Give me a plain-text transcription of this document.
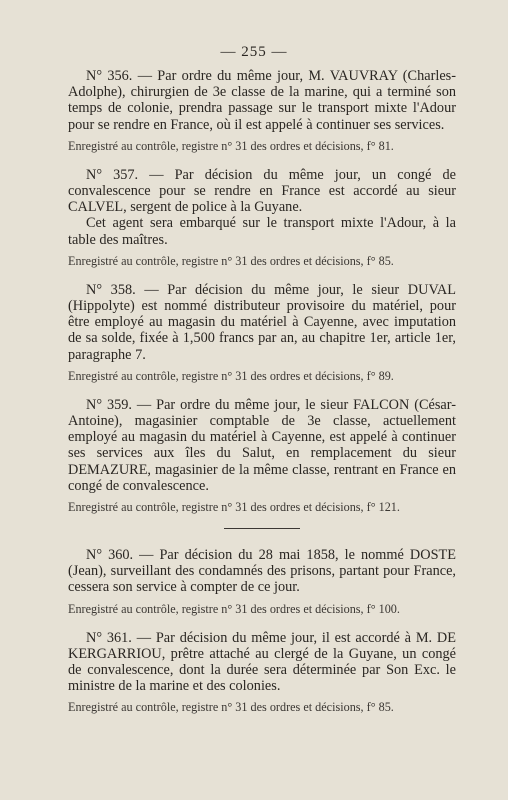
— 255 —

N° 356. — Par ordre du même jour, M. VAUVRAY (Charles-Adolphe), chirurgien de 3e classe de la marine, qui a terminé son temps de colonie, prendra passage sur le transport mixte l'Adour pour se rendre en France, où il est appelé à continuer ses services.

Enregistré au contrôle, registre n° 31 des ordres et décisions, f° 81.

N° 357. — Par décision du même jour, un congé de convalescence pour se rendre en France est accordé au sieur CALVEL, sergent de police à la Guyane.

Cet agent sera embarqué sur le transport mixte l'Adour, à la table des maîtres.

Enregistré au contrôle, registre n° 31 des ordres et décisions, f° 85.

N° 358. — Par décision du même jour, le sieur DUVAL (Hippolyte) est nommé distributeur provisoire du matériel, pour être employé au magasin du matériel à Cayenne, avec imputation de sa solde, fixée à 1,500 francs par an, au chapitre 1er, article 1er, paragraphe 7.

Enregistré au contrôle, registre n° 31 des ordres et décisions, f° 89.

N° 359. — Par ordre du même jour, le sieur FALCON (César-Antoine), magasinier comptable de 3e classe, actuellement employé au magasin du matériel à Cayenne, est appelé à continuer ses services aux îles du Salut, en remplacement du sieur DEMAZURE, magasinier de la même classe, rentrant en France en congé de convalescence.

Enregistré au contrôle, registre n° 31 des ordres et décisions, f° 121.

N° 360. — Par décision du 28 mai 1858, le nommé DOSTE (Jean), surveillant des condamnés des prisons, partant pour France, cessera son service à compter de ce jour.

Enregistré au contrôle, registre n° 31 des ordres et décisions, f° 100.

N° 361. — Par décision du même jour, il est accordé à M. DE KERGARRIOU, prêtre attaché au clergé de la Guyane, un congé de convalescence, dont la durée sera déterminée par Son Exc. le ministre de la marine et des colonies.

Enregistré au contrôle, registre n° 31 des ordres et décisions, f° 85.
